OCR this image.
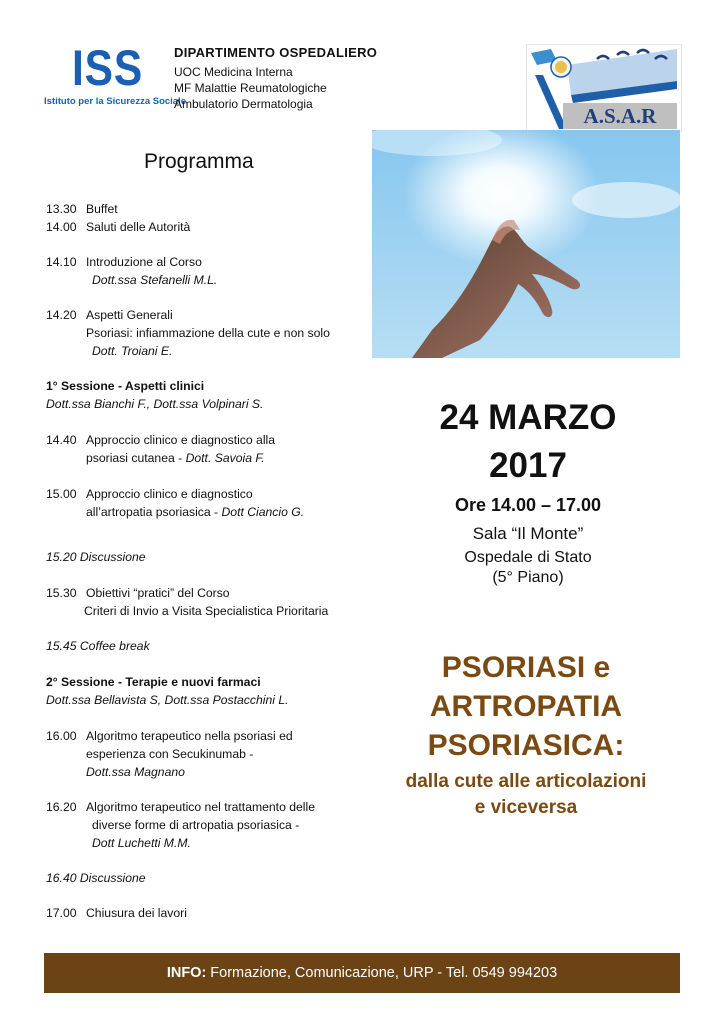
ISS
Istituto per la Sicurezza Sociale
DIPARTIMENTO OSPEDALIERO
UOC Medicina Interna
MF Malattie Reumatologiche
Ambulatorio Dermatologia	A.S.A.R
Programma
13.30 Buffet
14.00 Saluti delle Autorità
14.10 Introduzione al Corso
Dott.ssa Stefanelli M.L.
14.20 Aspetti Generali
Psoriasi: infiammazione della cute e non solo
Dott. Troiani E.
1° Sessione - Aspetti clinici
Dott.ssa Bianchi F., Dott.ssa Volpinari S.
14.40 Approccio clinico e diagnostico alla
psoriasi cutanea - Dott. Savoia F.
15.00 Approccio clinico e diagnostico
all’artropatia psoriasica - Dott Ciancio G.
15.20 Discussione
15.30 Obiettivi “pratici” del Corso
Criteri di Invio a Visita Specialistica Prioritaria
15.45 Coffee break
2° Sessione - Terapie e nuovi farmaci
Dott.ssa Bellavista S, Dott.ssa Postacchini L.
16.00 Algoritmo terapeutico nella psoriasi ed
esperienza con Secukinumab -
Dott.ssa Magnano
16.20 Algoritmo terapeutico nel trattamento delle
diverse forme di artropatia psoriasica -
Dott Luchetti M.M.
16.40 Discussione
17.00 Chiusura dei lavori
24 MARZO
2017
Ore 14.00 – 17.00
Sala “Il Monte”
Ospedale di Stato
(5° Piano)
PSORIASI e
ARTROPATIA
PSORIASICA:
dalla cute alle articolazioni
e viceversa
INFO: Formazione, Comunicazione, URP - Tel. 0549 994203
